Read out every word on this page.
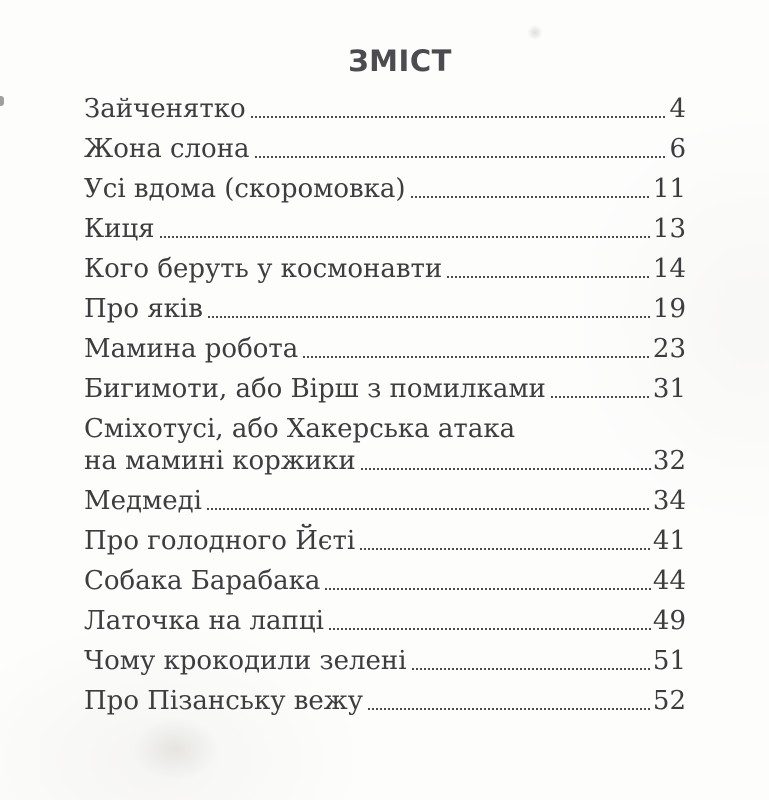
ЗМІСТ
Зайченятко	4
Жона слона	6
Усі вдома (скоромовка)	11
Киця	13
Кого беруть у космонавти	14
Про яків	19
Мамина робота	23
Бигимоти, або Вірш з помилками	31
Сміхотусі, або Хакерська атака
на мамині коржики	32
Медмеді	34
Про голодного Йєті	41
Собака Барабака	44
Латочка на лапці	49
Чому крокодили зелені	51
Про Пізанську вежу	52
